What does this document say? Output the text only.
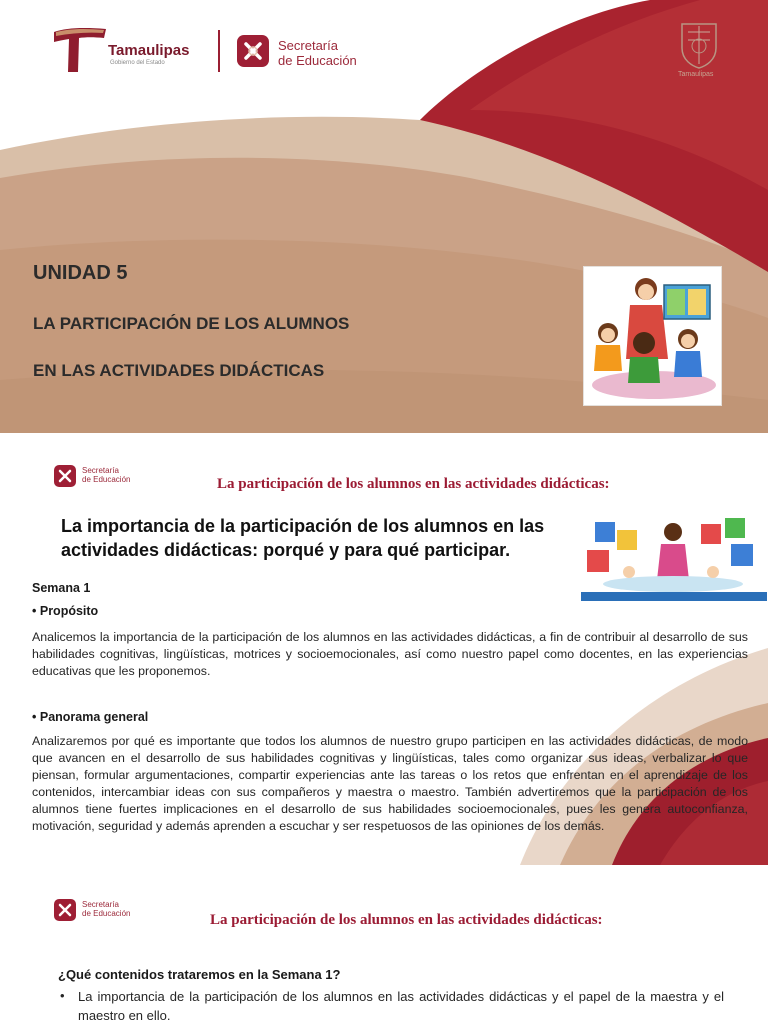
Tamaulipas
Gobierno del Estado
Secretaría
de Educación
Tamaulipas
UNIDAD 5
LA PARTICIPACIÓN DE LOS ALUMNOS
EN LAS ACTIVIDADES DIDÁCTICAS
Secretaría
de Educación	La participación de los alumnos en las actividades didácticas:
La importancia de la participación de los alumnos en las actividades didácticas: porqué y para qué participar.
Semana 1
• Propósito
Analicemos la importancia de la participación de los alumnos en las actividades didácticas, a fin de contribuir al desarrollo de sus habilidades cognitivas, lingüísticas, motrices y socioemocionales, así como nuestro papel como docentes, en las experiencias educativas que les proponemos.
• Panorama general
Analizaremos por qué es importante que todos los alumnos de nuestro grupo participen en las actividades didácticas, de modo que avancen en el desarrollo de sus habilidades cognitivas y lingüísticas, tales como organizar sus ideas, verbalizar lo que piensan, formular argumentaciones, compartir experiencias ante las tareas o los retos que enfrentan en el aprendizaje de los contenidos, intercambiar ideas con sus compañeros y maestra o maestro. También advertiremos que la participación de los alumnos tiene fuertes implicaciones en el desarrollo de sus habilidades socioemocionales, pues les genera autoconfianza, motivación, seguridad y además aprenden a escuchar y ser respetuosos de las opiniones de los demás.
Secretaría
de Educación	La participación de los alumnos en las actividades didácticas:
¿Qué contenidos trataremos en la Semana 1?
• La importancia de la participación de los alumnos en las actividades didácticas y el papel de la maestra y el maestro en ello.
